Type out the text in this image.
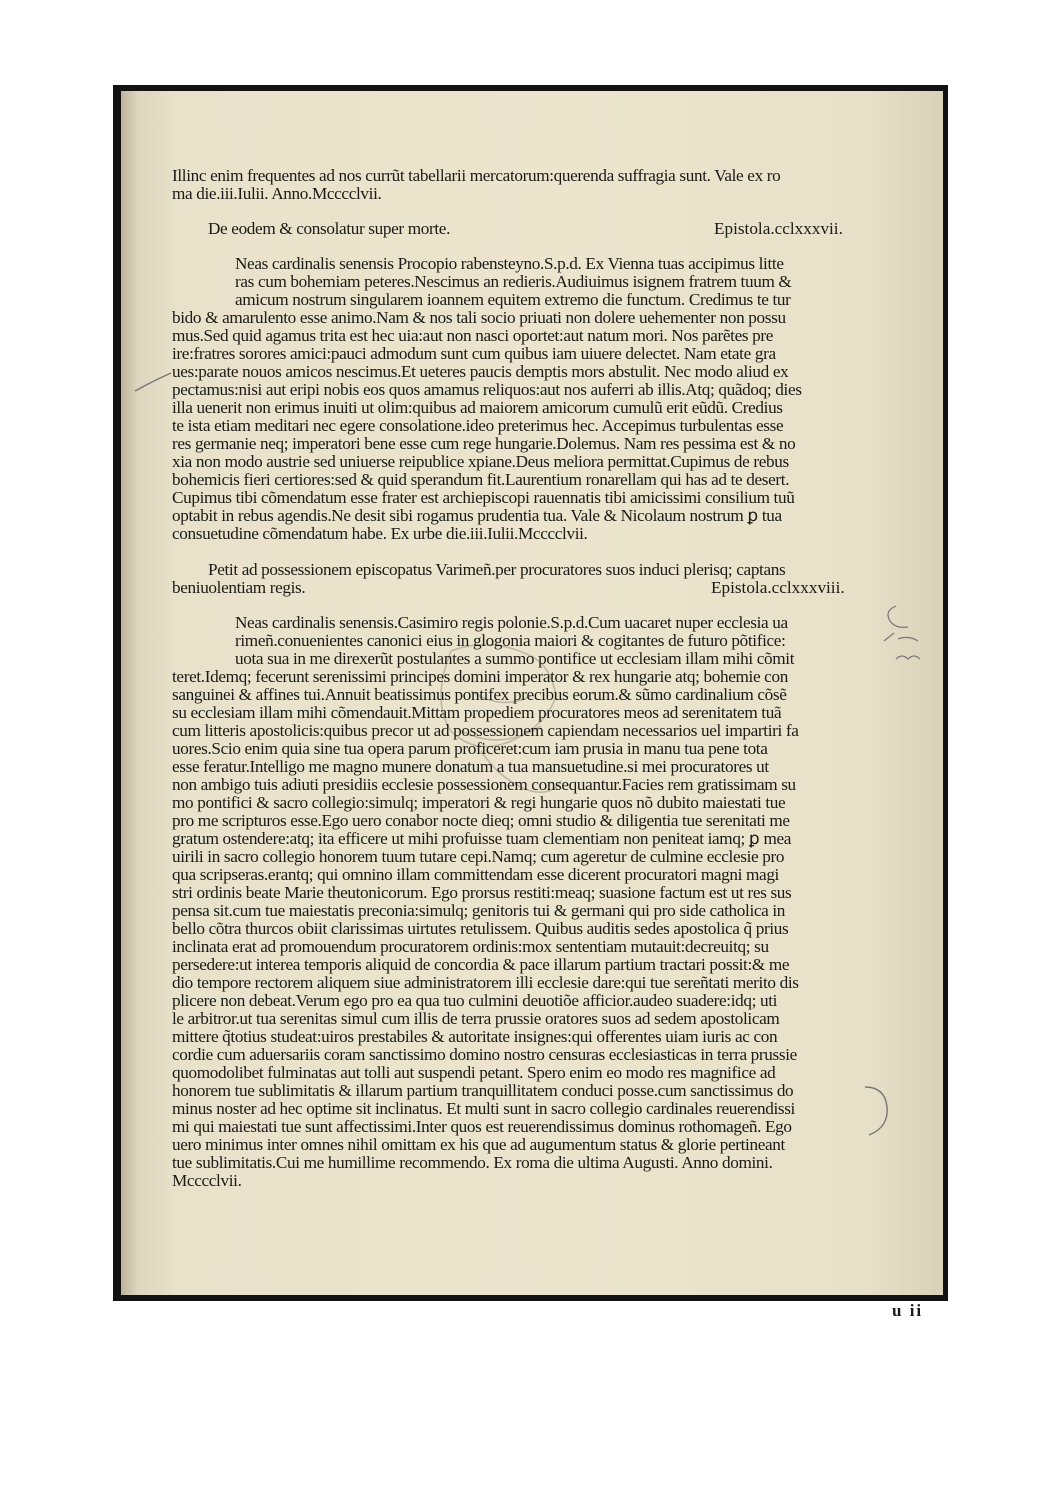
Illinc enim frequentes ad nos currũt tabellarii mercatorum:querenda suffragia sunt. Vale ex ro
ma die.iii.Iulii. Anno.Mcccclvii.
De eodem & consolatur super morte.	Epistola.cclxxxvii.
Neas cardinalis senensis Procopio rabensteyno.S.p.d. Ex Vienna tuas accipimus litte
ras cum bohemiam peteres.Nescimus an redieris.Audiuimus isignem fratrem tuum &
amicum nostrum singularem ioannem equitem extremo die functum. Credimus te tur
bido & amarulento esse animo.Nam & nos tali socio priuati non dolere uehementer non possu
mus.Sed quid agamus trita est hec uia:aut non nasci oportet:aut natum mori. Nos parẽtes pre
ire:fratres sorores amici:pauci admodum sunt cum quibus iam uiuere delectet. Nam etate gra
ues:parate nouos amicos nescimus.Et ueteres paucis demptis mors abstulit. Nec modo aliud ex
pectamus:nisi aut eripi nobis eos quos amamus reliquos:aut nos auferri ab illis.Atq; quãdoq; dies
illa uenerit non erimus inuiti ut olim:quibus ad maiorem amicorum cumulũ erit eũdũ. Credius
te ista etiam meditari nec egere consolatione.ideo preterimus hec. Accepimus turbulentas esse
res germanie neq; imperatori bene esse cum rege hungarie.Dolemus. Nam res pessima est & no
xia non modo austrie sed uniuerse reipublice xpiane.Deus meliora permittat.Cupimus de rebus
bohemicis fieri certiores:sed & quid sperandum fit.Laurentium ronarellam qui has ad te desert.
Cupimus tibi cõmendatum esse frater est archiepiscopi rauennatis tibi amicissimi consilium tuũ
optabit in rebus agendis.Ne desit sibi rogamus prudentia tua. Vale & Nicolaum nostrum ꝑ tua
consuetudine cõmendatum habe. Ex urbe die.iii.Iulii.Mcccclvii.
Petit ad possessionem episcopatus Varimeñ.per procuratores suos induci plerisq; captans
beniuolentiam regis.	Epistola.cclxxxviii.
Neas cardinalis senensis.Casimiro regis polonie.S.p.d.Cum uacaret nuper ecclesia ua
rimeñ.conuenientes canonici eius in glogonia maiori & cogitantes de futuro põtifice:
uota sua in me direxerũt postulantes a summo pontifice ut ecclesiam illam mihi cõmit
teret.Idemq; fecerunt serenissimi principes domini imperator & rex hungarie atq; bohemie con
sanguinei & affines tui.Annuit beatissimus pontifex precibus eorum.& sũmo cardinalium cõsẽ
su ecclesiam illam mihi cõmendauit.Mittam propediem procuratores meos ad serenitatem tuã
cum litteris apostolicis:quibus precor ut ad possessionem capiendam necessarios uel impartiri fa
uores.Scio enim quia sine tua opera parum proficeret:cum iam prusia in manu tua pene tota
esse feratur.Intelligo me magno munere donatum a tua mansuetudine.si mei procuratores ut
non ambigo tuis adiuti presidiis ecclesie possessionem consequantur.Facies rem gratissimam su
mo pontifici & sacro collegio:simulq; imperatori & regi hungarie quos nõ dubito maiestati tue
pro me scripturos esse.Ego uero conabor nocte dieq; omni studio & diligentia tue serenitati me
gratum ostendere:atq; ita efficere ut mihi profuisse tuam clementiam non peniteat iamq; ꝑ mea
uirili in sacro collegio honorem tuum tutare cepi.Namq; cum ageretur de culmine ecclesie pro
qua scripseras.erantq; qui omnino illam committendam esse dicerent procuratori magni magi
stri ordinis beate Marie theutonicorum. Ego prorsus restiti:meaq; suasione factum est ut res sus
pensa sit.cum tue maiestatis preconia:simulq; genitoris tui & germani qui pro side catholica in
bello cõtra thurcos obiit clarissimas uirtutes retulissem. Quibus auditis sedes apostolica q̃ prius
inclinata erat ad promouendum procuratorem ordinis:mox sententiam mutauit:decreuitq; su
persedere:ut interea temporis aliquid de concordia & pace illarum partium tractari possit:& me
dio tempore rectorem aliquem siue administratorem illi ecclesie dare:qui tue sereñtati merito dis
plicere non debeat.Verum ego pro ea qua tuo culmini deuotiõe afficior.audeo suadere:idq; uti
le arbitror.ut tua serenitas simul cum illis de terra prussie oratores suos ad sedem apostolicam
mittere q̃totius studeat:uiros prestabiles & autoritate insignes:qui offerentes uiam iuris ac con
cordie cum aduersariis coram sanctissimo domino nostro censuras ecclesiasticas in terra prussie
quomodolibet fulminatas aut tolli aut suspendi petant. Spero enim eo modo res magnifice ad
honorem tue sublimitatis & illarum partium tranquillitatem conduci posse.cum sanctissimus do
minus noster ad hec optime sit inclinatus. Et multi sunt in sacro collegio cardinales reuerendissi
mi qui maiestati tue sunt affectissimi.Inter quos est reuerendissimus dominus rothomageñ. Ego
uero minimus inter omnes nihil omittam ex his que ad augumentum status & glorie pertineant
tue sublimitatis.Cui me humillime recommendo. Ex roma die ultima Augusti. Anno domini.
Mcccclvii.
u ii
